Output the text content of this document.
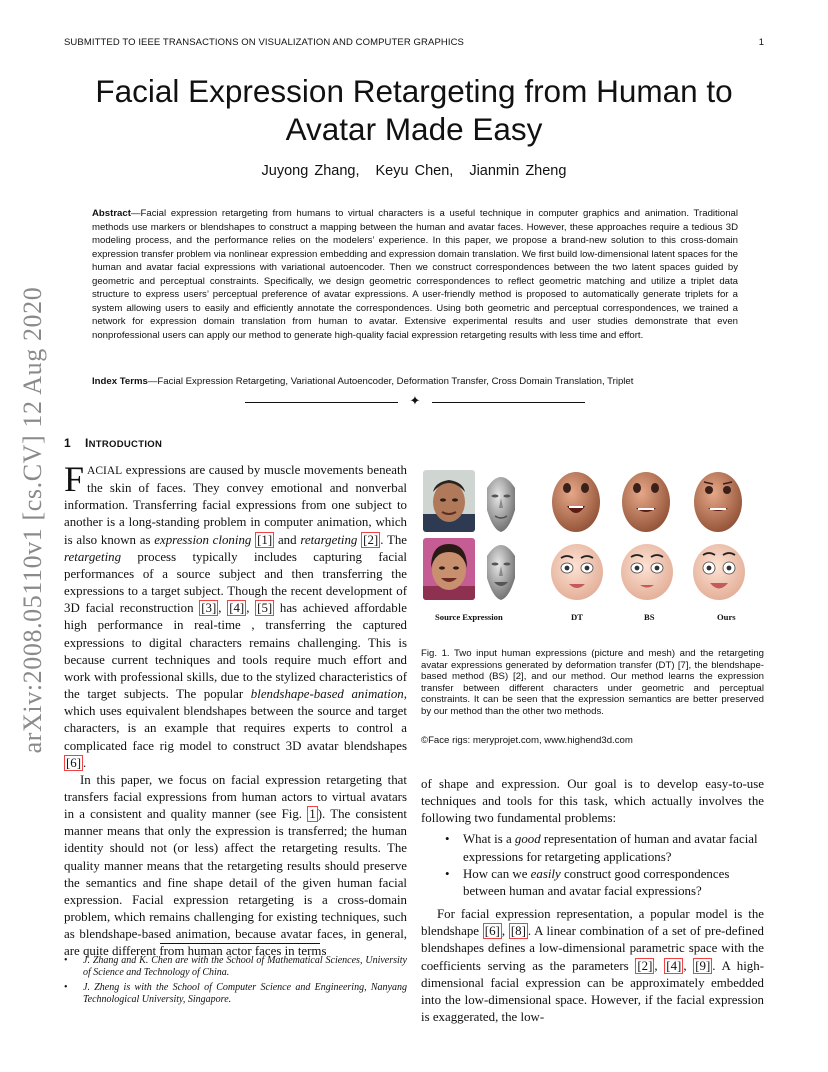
SUBMITTED TO IEEE TRANSACTIONS ON VISUALIZATION AND COMPUTER GRAPHICS	1
arXiv:2008.05110v1 [cs.CV] 12 Aug 2020
Facial Expression Retargeting from Human to Avatar Made Easy
Juyong Zhang, Keyu Chen, Jianmin Zheng

Abstract—Facial expression retargeting from humans to virtual characters is a useful technique in computer graphics and animation. Traditional methods use markers or blendshapes to construct a mapping between the human and avatar faces. However, these approaches require a tedious 3D modeling process, and the performance relies on the modelers’ experience. In this paper, we propose a brand-new solution to this cross-domain expression transfer problem via nonlinear expression embedding and expression domain translation. We first build low-dimensional latent spaces for the human and avatar facial expressions with variational autoencoder. Then we construct correspondences between the two latent spaces guided by geometric and perceptual constraints. Specifically, we design geometric correspondences to reflect geometric matching and utilize a triplet data structure to express users’ perceptual preference of avatar expressions. A user-friendly method is proposed to automatically generate triplets for a system allowing users to easily and efficiently annotate the correspondences. Using both geometric and perceptual correspondences, we trained a network for expression domain translation from human to avatar. Extensive experimental results and user studies demonstrate that even nonprofessional users can apply our method to generate high-quality facial expression retargeting results with less time and effort.

Index Terms—Facial Expression Retargeting, Variational Autoencoder, Deformation Transfer, Cross Domain Translation, Triplet

✦
1 INTRODUCTION

FACIAL expressions are caused by muscle movements beneath the skin of faces. They convey emotional and nonverbal information. Transferring facial expressions from one subject to another is a long-standing problem in computer animation, which is also known as expression cloning [1] and retargeting [2] . The retargeting process typically includes capturing facial performances of a source subject and then transferring the expressions to a target subject. Though the recent development of 3D facial reconstruction [3] , [4] , [5] has achieved affordable high performance in real-time , transferring the captured expressions to digital characters remains challenging. This is because current techniques and tools require much effort and work with professional skills, due to the stylized characteristics of the target subjects. The popular blendshape-based animation, which uses equivalent blendshapes between the source and target characters, is an example that requires experts to control a complicated face rig model to construct 3D avatar blendshapes [6] .

In this paper, we focus on facial expression retargeting that transfers facial expressions from human actors to virtual avatars in a consistent and quality manner (see Fig. 1 ). The consistent manner means that only the expression is transferred; the human identity should not (or less) affect the retargeting results. The quality manner means that the retargeting results should preserve the semantics and fine shape detail of the given human facial expression. Facial expression retargeting is a cross-domain problem, which remains challenging for existing techniques, such as blendshape-based animation, because avatar faces, in general, are quite different from human actor faces in terms

• J. Zhang and K. Chen are with the School of Mathematical Sciences, University of Science and Technology of China.
• J. Zheng is with the School of Computer Science and Engineering, Nanyang Technological University, Singapore.
Source Expression	DT	BS	Ours

Fig. 1. Two input human expressions (picture and mesh) and the retargeting avatar expressions generated by deformation transfer (DT) [7], the blendshape-based method (BS) [2], and our method. Our method learns the expression transfer between different characters under geometric and perceptual constraints. It can be seen that the expression semantics are better preserved by our method than the other two methods.

©Face rigs: meryprojet.com, www.highend3d.com

of shape and expression. Our goal is to develop easy-to-use techniques and tools for this task, which actually involves the following two fundamental problems:

• What is a good representation of human and avatar facial expressions for retargeting applications?
• How can we easily construct good correspondences between human and avatar facial expressions?

For facial expression representation, a popular model is the blendshape [6] , [8] . A linear combination of a set of pre-defined blendshapes defines a low-dimensional parametric space with the coefficients serving as the parameters [2] , [4] , [9] . A high-dimensional facial expression can be approximately embedded into the low-dimensional space. However, if the facial expression is exaggerated, the low-
